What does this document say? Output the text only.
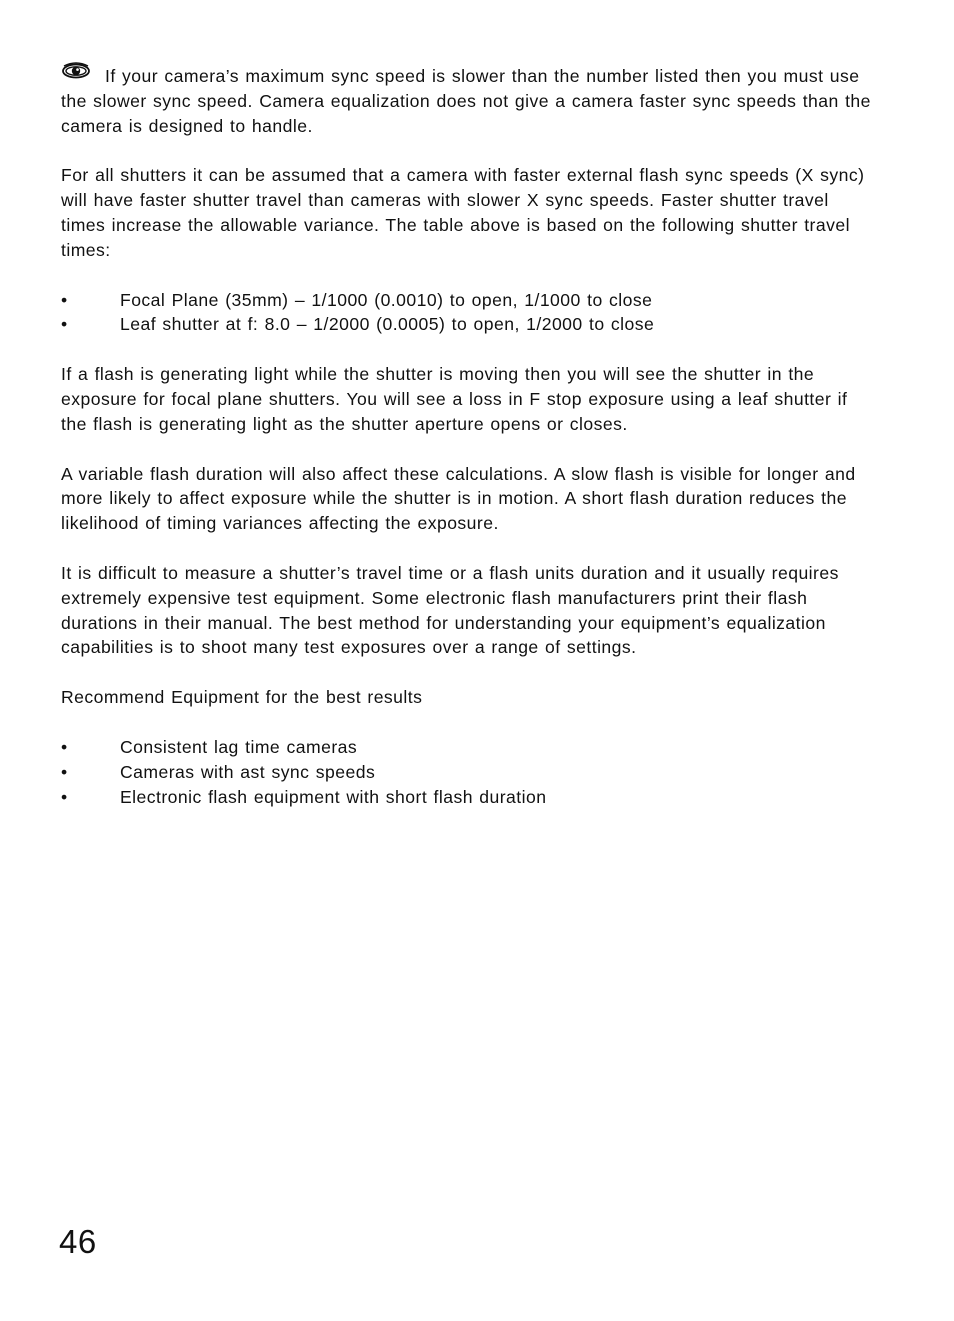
If your camera’s maximum sync speed is slower than the number listed then you must use the slower sync speed. Camera equalization does not give a camera faster sync speeds than the camera is designed to handle.

For all shutters it can be assumed that a camera with faster external flash sync speeds (X sync) will have faster shutter travel than cameras with slower X sync speeds. Faster shutter travel times increase the allowable variance. The table above is based on the following shutter travel times:

•	Focal Plane (35mm) – 1/1000 (0.0010) to open, 1/1000 to close
•	Leaf shutter at f: 8.0 – 1/2000 (0.0005) to open, 1/2000 to close

If a flash is generating light while the shutter is moving then you will see the shutter in the exposure for focal plane shutters. You will see a loss in F stop exposure using a leaf shutter if the flash is generating light as the shutter aperture opens or closes.

A variable flash duration will also affect these calculations. A slow flash is visible for longer and more likely to affect exposure while the shutter is in motion. A short flash duration reduces the likelihood of timing variances affecting the exposure.

It is difficult to measure a shutter’s travel time or a flash units duration and it usually requires extremely expensive test equipment. Some electronic flash manufacturers print their flash durations in their manual. The best method for understanding your equipment’s equalization capabilities is to shoot many test exposures over a range of settings.

Recommend Equipment for the best results

•	Consistent lag time cameras
•	Cameras with ast sync speeds
•	Electronic flash equipment with short flash duration
46
